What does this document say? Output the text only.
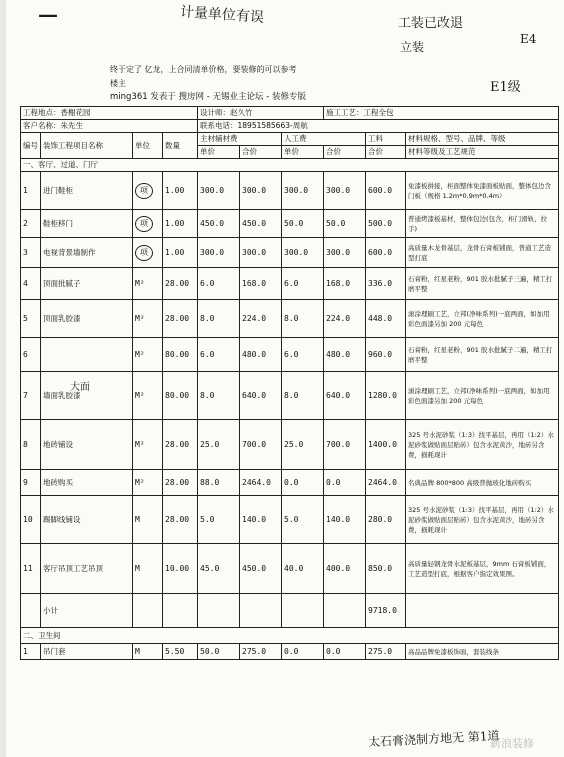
—	计量单位有误	工装已改退
E4
立装
E1级
大面
太石膏浇制方地无 第1道
终于定了 亿龙，上合同清单价格，要装修的可以参考
楼主
ming361 发表于 搜房网 - 无锡业主论坛 - 装修专版
工程地点：香榭花园				设计师：赵久竹			施工工艺：工程全包		
客户名称：朱先生				联系电话：18951585663-周航					
编号	装饰工程项目名称	单位	数量	主材辅材费		人工费		工料	材料规格、型号、品牌、等级
				单价	合价	单价	合价	合价	材料等级及工艺规范
一、客厅、过道、门厅									
1	进门鞋柜	项	1.00	300.0	300.0	300.0	300.0	600.0	免漆板拼接，柜面整体免漆面板贴面，整体包边含门板（规格 1.2m*0.9m*0.4m）
2	鞋柜移门	项	1.00	450.0	450.0	50.0	50.0	500.0	普通烤漆板基材，整体包边(包含，柜门滑轨、拉手)
3	电视背景墙制作	项	1.00	300.0	300.0	300.0	300.0	600.0	高质量木龙骨基层，龙骨石膏板铺面，普通工艺造型打底
4	顶面批腻子	M²	28.00	6.0	168.0	6.0	168.0	336.0	石膏粉，红星老粉，901 胶水批腻子三遍，精工打磨平整
5	顶面乳胶漆	M²	28.00	8.0	224.0	8.0	224.0	448.0	滚涂理刷工艺，立邦(净味系列)一底两面，如加用彩色面漆另加 200 元每色
6		M²	80.00	6.0	480.0	6.0	480.0	960.0	石膏粉，红星老粉，901 胶水批腻子二遍，精工打磨平整
7	墙面乳胶漆	M²	80.00	8.0	640.0	8.0	640.0	1280.0	滚涂理刷工艺，立邦(净味系列)一底两面，如加用彩色面漆另加 200 元每色
8	地砖铺设	M²	28.00	25.0	700.0	25.0	700.0	1400.0	325 号水泥砂浆（1:3）找平基层，再用（1:2）水泥砂浆做贴面层贴砖）包含水泥黄沙，地砖另含费，损耗现计
9	地砖购买	M²	28.00	88.0	2464.0	0.0	0.0	2464.0	名典品牌 800*800 高级普抛玻化地砖购买
10	踢脚线铺设	M	28.00	5.0	140.0	5.0	140.0	280.0	325 号水泥砂浆（1:3）找平基层，再用（1:2）水泥砂浆做贴面层贴砖）包含水泥黄沙，地砖另含费，损耗现计
11	客厅吊顶工艺吊顶	M	10.00	45.0	450.0	40.0	400.0	850.0	高质量轻钢龙骨水泥板基层，9mm 石膏板铺面，工艺造型打底，根据客户指定效果图。
	小计							9718.0	
二、卫生间									
1	吊门套	M	5.50	50.0	275.0	0.0	0.0	275.0	高品品牌免漆板饰面，套装线条
新浪装修
